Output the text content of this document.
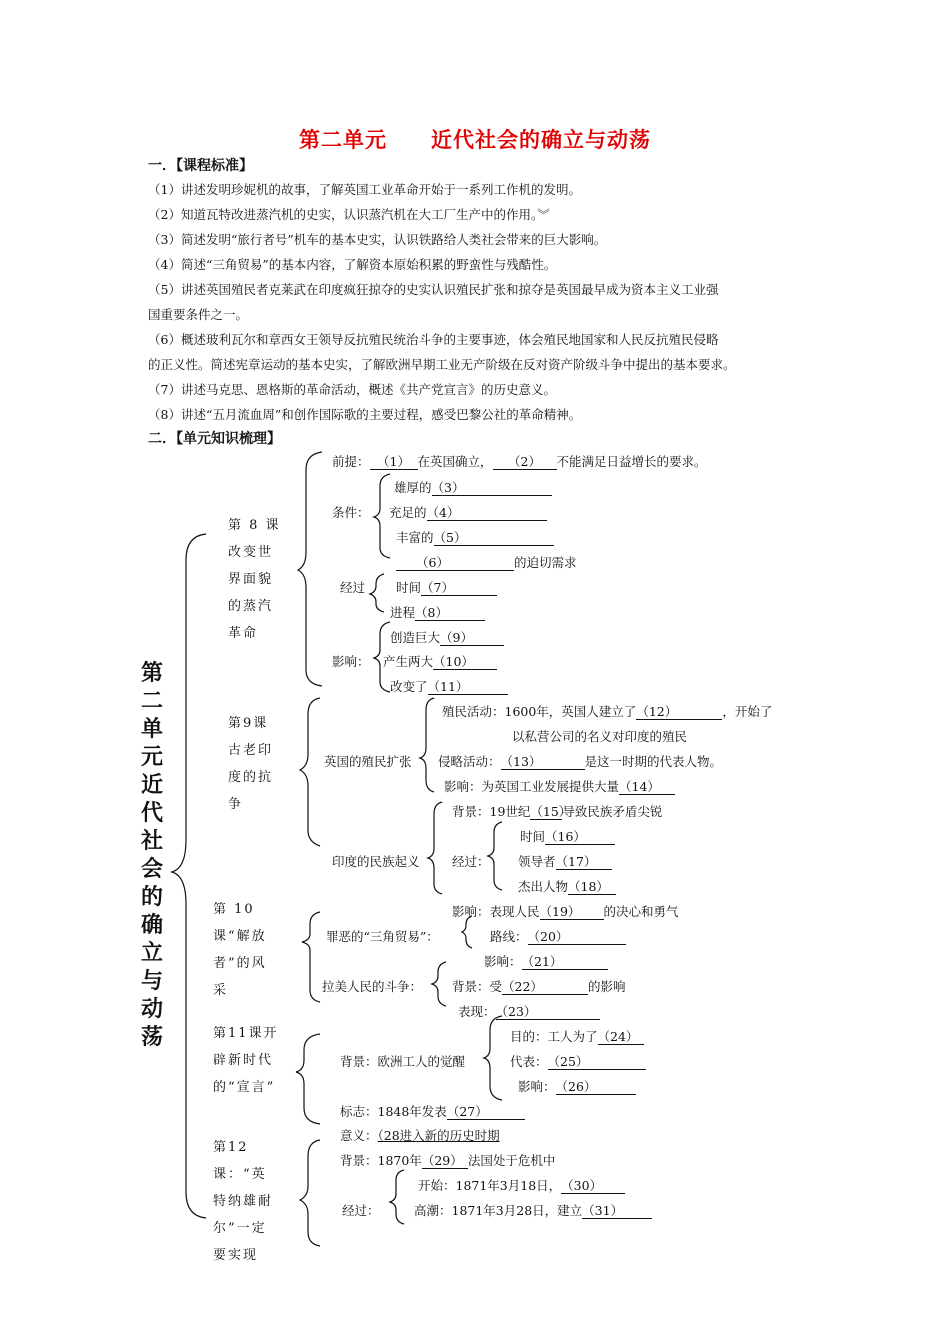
第二单元　　近代社会的确立与动荡
一．【课程标准】
（1）讲述发明珍妮机的故事，了解英国工业革命开始于一系列工作机的发明。
（2）知道瓦特改进蒸汽机的史实，认识蒸汽机在大工厂生产中的作用。︾
（3）简述发明“旅行者号”机车的基本史实，认识铁路给人类社会带来的巨大影响。
（4）简述“三角贸易”的基本内容，了解资本原始积累的野蛮性与残酷性。
（5）讲述英国殖民者克莱武在印度疯狂掠夺的史实认识殖民扩张和掠夺是英国最早成为资本主义工业强
国重要条件之一。
（6）概述玻利瓦尔和章西女王领导反抗殖民统治斗争的主要事迹，体会殖民地国家和人民反抗殖民侵略
的正义性。简述宪章运动的基本史实，了解欧洲早期工业无产阶级在反对资产阶级斗争中提出的基本要求。
（7）讲述马克思、恩格斯的革命活动，概述《共产党宣言》的历史意义。
（8）讲述“五月流血周”和创作国际歌的主要过程，感受巴黎公社的革命精神。
二．【单元知识梳理】
第二单元　近代社会的确立与动荡
第 8 课改变世界面貌的蒸汽革命
第9课古老印度的抗争
第 10 课“解放者”的风采
第11课开辟新时代的“宣言”
第12课：“英特纳雄耐尔”一定要实现
前提： （1） 在英国确立， （2） 不能满足日益增长的要求。
条件：
雄厚的（3）
充足的（4）
丰富的（5）
（6）	的迫切需求
经过 时间（7）
进程（8）
影响：
创造巨大（9）
产生两大（10）
改变了（11）
英国的殖民扩张
殖民活动：1600年，英国人建立了（12）	，开始了
以私营公司的名义对印度的殖民
侵略活动：（13）	是这一时期的代表人物。
影响：为英国工业发展提供大量（14）
印度的民族起义
背景：19世纪（15）导致民族矛盾尖锐
经过：
时间（16）
领导者（17）
杰出人物（18）
影响：表现人民（19） 的决心和勇气
罪恶的“三角贸易”：	路线：（20）
影响：（21）
拉美人民的斗争： 背景：受（22）	的影响
表现：（23）
目的：工人为了（24）
背景：欧洲工人的觉醒	代表：（25）
影响：（26）
标志：1848年发表（27）
意义：（28进入新的历史时期
背景：1870年（29） 法国处于危机中
经过：
开始：1871年3月18日，（30）
高潮：1871年3月28日，建立（31）
